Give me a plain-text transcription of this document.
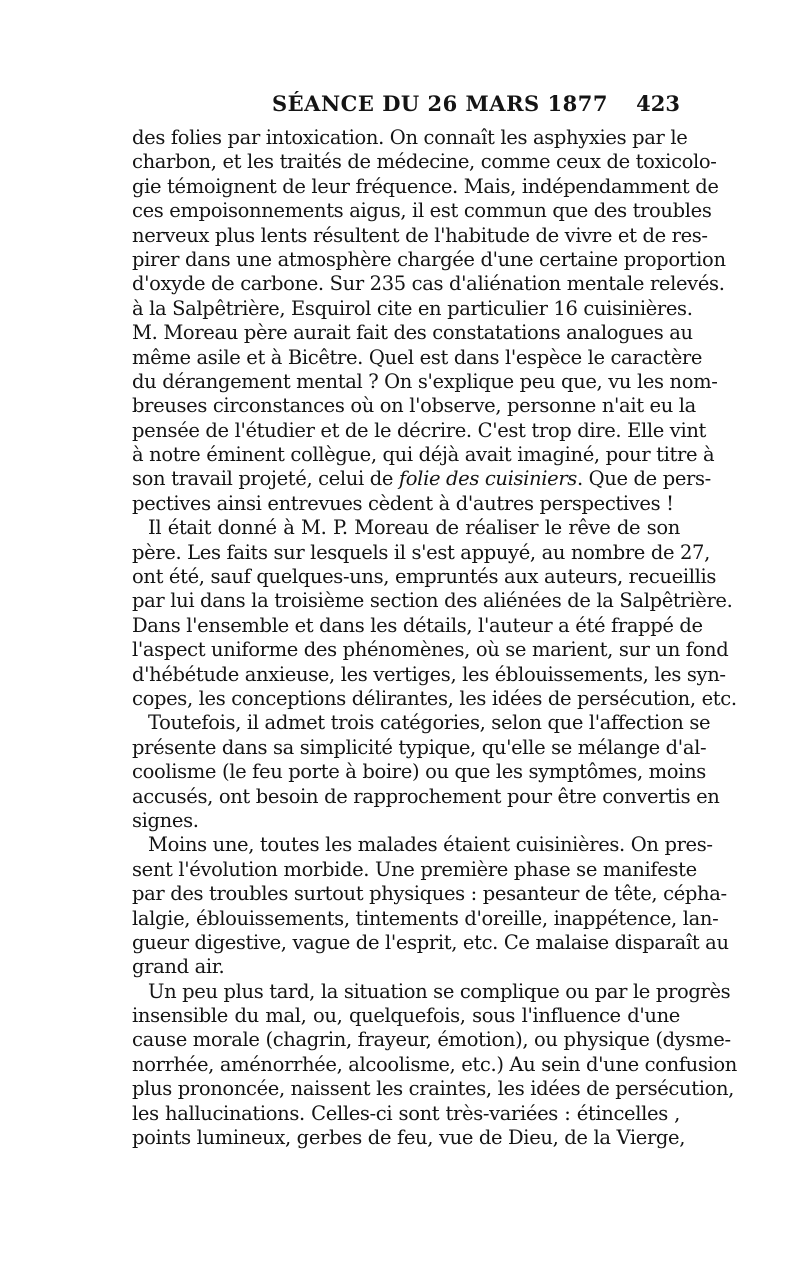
SÉANCE DU 26 MARS 1877 423
des folies par intoxication. On connaît les asphyxies par le
charbon, et les traités de médecine, comme ceux de toxicolo-
gie témoignent de leur fréquence. Mais, indépendamment de
ces empoisonnements aigus, il est commun que des troubles
nerveux plus lents résultent de l'habitude de vivre et de res-
pirer dans une atmosphère chargée d'une certaine proportion
d'oxyde de carbone. Sur 235 cas d'aliénation mentale relevés.
à la Salpêtrière, Esquirol cite en particulier 16 cuisinières.
M. Moreau père aurait fait des constatations analogues au
même asile et à Bicêtre. Quel est dans l'espèce le caractère
du dérangement mental ? On s'explique peu que, vu les nom-
breuses circonstances où on l'observe, personne n'ait eu la
pensée de l'étudier et de le décrire. C'est trop dire. Elle vint
à notre éminent collègue, qui déjà avait imaginé, pour titre à
son travail projeté, celui de folie des cuisiniers. Que de pers-
pectives ainsi entrevues cèdent à d'autres perspectives !
Il était donné à M. P. Moreau de réaliser le rêve de son
père. Les faits sur lesquels il s'est appuyé, au nombre de 27,
ont été, sauf quelques-uns, empruntés aux auteurs, recueillis
par lui dans la troisième section des aliénées de la Salpêtrière.
Dans l'ensemble et dans les détails, l'auteur a été frappé de
l'aspect uniforme des phénomènes, où se marient, sur un fond
d'hébétude anxieuse, les vertiges, les éblouissements, les syn-
copes, les conceptions délirantes, les idées de persécution, etc.
Toutefois, il admet trois catégories, selon que l'affection se
présente dans sa simplicité typique, qu'elle se mélange d'al-
coolisme (le feu porte à boire) ou que les symptômes, moins
accusés, ont besoin de rapprochement pour être convertis en
signes.
Moins une, toutes les malades étaient cuisinières. On pres-
sent l'évolution morbide. Une première phase se manifeste
par des troubles surtout physiques : pesanteur de tête, cépha-
lalgie, éblouissements, tintements d'oreille, inappétence, lan-
gueur digestive, vague de l'esprit, etc. Ce malaise disparaît au
grand air.
Un peu plus tard, la situation se complique ou par le progrès
insensible du mal, ou, quelquefois, sous l'influence d'une
cause morale (chagrin, frayeur, émotion), ou physique (dysme-
norrhée, aménorrhée, alcoolisme, etc.) Au sein d'une confusion
plus prononcée, naissent les craintes, les idées de persécution,
les hallucinations. Celles-ci sont très-variées : étincelles ,
points lumineux, gerbes de feu, vue de Dieu, de la Vierge,
